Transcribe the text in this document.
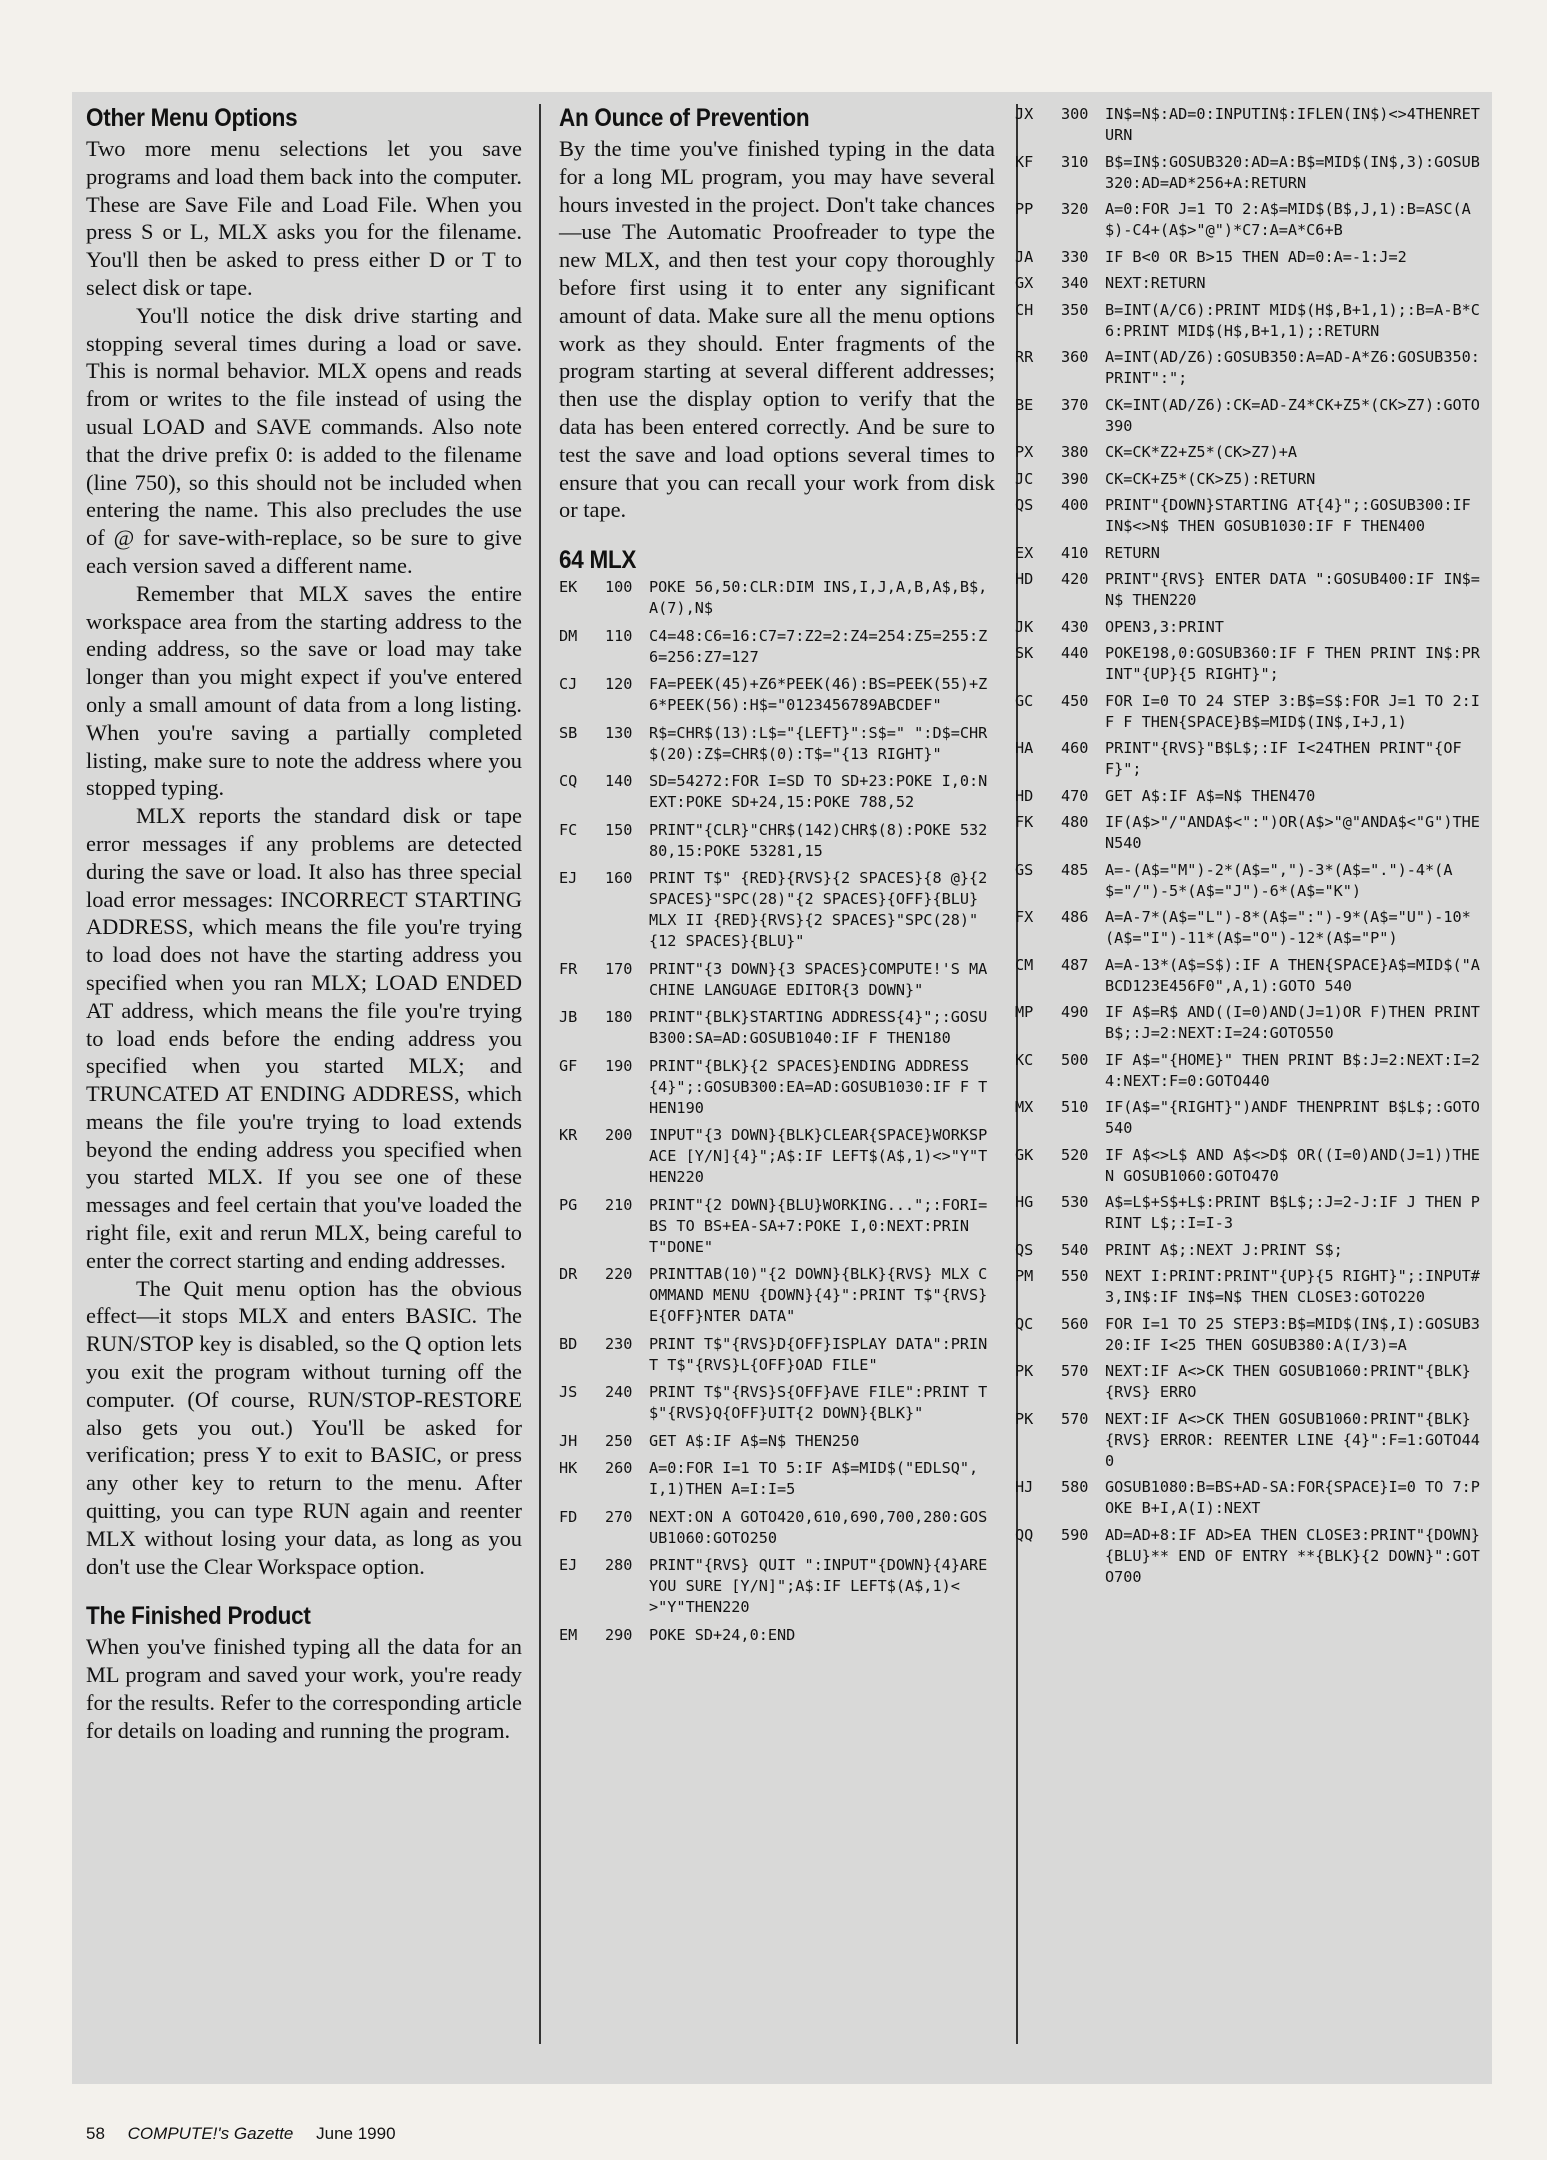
Other Menu Options

Two more menu selections let you save programs and load them back into the computer. These are Save File and Load File. When you press S or L, MLX asks you for the filename. You'll then be asked to press either D or T to select disk or tape.

You'll notice the disk drive starting and stopping several times during a load or save. This is normal behavior. MLX opens and reads from or writes to the file instead of using the usual LOAD and SAVE commands. Also note that the drive prefix 0: is added to the filename (line 750), so this should not be included when entering the name. This also precludes the use of @ for save-with-replace, so be sure to give each version saved a different name.

Remember that MLX saves the entire workspace area from the starting address to the ending address, so the save or load may take longer than you might expect if you've entered only a small amount of data from a long listing. When you're saving a partially completed listing, make sure to note the address where you stopped typing.

MLX reports the standard disk or tape error messages if any problems are detected during the save or load. It also has three special load error messages: INCORRECT STARTING ADDRESS, which means the file you're trying to load does not have the starting address you specified when you ran MLX; LOAD ENDED AT address, which means the file you're trying to load ends before the ending address you specified when you started MLX; and TRUNCATED AT ENDING ADDRESS, which means the file you're trying to load extends beyond the ending address you specified when you started MLX. If you see one of these messages and feel certain that you've loaded the right file, exit and rerun MLX, being careful to enter the correct starting and ending addresses.

The Quit menu option has the obvious effect—it stops MLX and enters BASIC. The RUN/STOP key is disabled, so the Q option lets you exit the program without turning off the computer. (Of course, RUN/STOP-RESTORE also gets you out.) You'll be asked for verification; press Y to exit to BASIC, or press any other key to return to the menu. After quitting, you can type RUN again and reenter MLX without losing your data, as long as you don't use the Clear Workspace option.

The Finished Product

When you've finished typing all the data for an ML program and saved your work, you're ready for the results. Refer to the corresponding article for details on loading and running the program.

An Ounce of Prevention

By the time you've finished typing in the data for a long ML program, you may have several hours invested in the project. Don't take chances—use The Automatic Proofreader to type the new MLX, and then test your copy thoroughly before first using it to enter any significant amount of data. Make sure all the menu options work as they should. Enter fragments of the program starting at several different addresses; then use the display option to verify that the data has been entered correctly. And be sure to test the save and load options several times to ensure that you can recall your work from disk or tape.

64 MLX
EK	100	POKE 56,50:CLR:DIM INS,I,J,A,B,A$,B$,A(7),N$
DM	110	C4=48:C6=16:C7=7:Z2=2:Z4=254:Z5=255:Z6=256:Z7=127
CJ	120	FA=PEEK(45)+Z6*PEEK(46):BS=PEEK(55)+Z6*PEEK(56):H$="0123456789ABCDEF"
SB	130	R$=CHR$(13):L$="{LEFT}":S$=" ":D$=CHR$(20):Z$=CHR$(0):T$="{13 RIGHT}"
CQ	140	SD=54272:FOR I=SD TO SD+23:POKE I,0:NEXT:POKE SD+24,15:POKE 788,52
FC	150	PRINT"{CLR}"CHR$(142)CHR$(8):POKE 53280,15:POKE 53281,15
EJ	160	PRINT T$" {RED}{RVS}{2 SPACES}{8 @}{2 SPACES}"SPC(28)"{2 SPACES}{OFF}{BLU} MLX II {RED}{RVS}{2 SPACES}"SPC(28)"{12 SPACES}{BLU}"
FR	170	PRINT"{3 DOWN}{3 SPACES}COMPUTE!'S MACHINE LANGUAGE EDITOR{3 DOWN}"
JB	180	PRINT"{BLK}STARTING ADDRESS{4}";:GOSUB300:SA=AD:GOSUB1040:IF F THEN180
GF	190	PRINT"{BLK}{2 SPACES}ENDING ADDRESS{4}";:GOSUB300:EA=AD:GOSUB1030:IF F THEN190
KR	200	INPUT"{3 DOWN}{BLK}CLEAR{SPACE}WORKSPACE [Y/N]{4}";A$:IF LEFT$(A$,1)<>"Y"THEN220
PG	210	PRINT"{2 DOWN}{BLU}WORKING...";:FORI=BS TO BS+EA-SA+7:POKE I,0:NEXT:PRINT"DONE"
DR	220	PRINTTAB(10)"{2 DOWN}{BLK}{RVS} MLX COMMAND MENU {DOWN}{4}":PRINT T$"{RVS}E{OFF}NTER DATA"
BD	230	PRINT T$"{RVS}D{OFF}ISPLAY DATA":PRINT T$"{RVS}L{OFF}OAD FILE"
JS	240	PRINT T$"{RVS}S{OFF}AVE FILE":PRINT T$"{RVS}Q{OFF}UIT{2 DOWN}{BLK}"
JH	250	GET A$:IF A$=N$ THEN250
HK	260	A=0:FOR I=1 TO 5:IF A$=MID$("EDLSQ",I,1)THEN A=I:I=5
FD	270	NEXT:ON A GOTO420,610,690,700,280:GOSUB1060:GOTO250
EJ	280	PRINT"{RVS} QUIT ":INPUT"{DOWN}{4}ARE YOU SURE [Y/N]";A$:IF LEFT$(A$,1)<>"Y"THEN220
EM	290	POKE SD+24,0:END
JX	300	IN$=N$:AD=0:INPUTIN$:IFLEN(IN$)<>4THENRETURN
KF	310	B$=IN$:GOSUB320:AD=A:B$=MID$(IN$,3):GOSUB320:AD=AD*256+A:RETURN
PP	320	A=0:FOR J=1 TO 2:A$=MID$(B$,J,1):B=ASC(A$)-C4+(A$>"@")*C7:A=A*C6+B
JA	330	IF B<0 OR B>15 THEN AD=0:A=-1:J=2
GX	340	NEXT:RETURN
CH	350	B=INT(A/C6):PRINT MID$(H$,B+1,1);:B=A-B*C6:PRINT MID$(H$,B+1,1);:RETURN
RR	360	A=INT(AD/Z6):GOSUB350:A=AD-A*Z6:GOSUB350:PRINT":";
BE	370	CK=INT(AD/Z6):CK=AD-Z4*CK+Z5*(CK>Z7):GOTO390
PX	380	CK=CK*Z2+Z5*(CK>Z7)+A
JC	390	CK=CK+Z5*(CK>Z5):RETURN
QS	400	PRINT"{DOWN}STARTING AT{4}";:GOSUB300:IF IN$<>N$ THEN GOSUB1030:IF F THEN400
EX	410	RETURN
HD	420	PRINT"{RVS} ENTER DATA ":GOSUB400:IF IN$=N$ THEN220
JK	430	OPEN3,3:PRINT
SK	440	POKE198,0:GOSUB360:IF F THEN PRINT IN$:PRINT"{UP}{5 RIGHT}";
GC	450	FOR I=0 TO 24 STEP 3:B$=S$:FOR J=1 TO 2:IF F THEN{SPACE}B$=MID$(IN$,I+J,1)
HA	460	PRINT"{RVS}"B$L$;:IF I<24THEN PRINT"{OFF}";
HD	470	GET A$:IF A$=N$ THEN470
FK	480	IF(A$>"/"ANDA$<":")OR(A$>"@"ANDA$<"G")THEN540
GS	485	A=-(A$="M")-2*(A$=",")-3*(A$=".")-4*(A$="/")-5*(A$="J")-6*(A$="K")
FX	486	A=A-7*(A$="L")-8*(A$=":")-9*(A$="U")-10*(A$="I")-11*(A$="O")-12*(A$="P")
CM	487	A=A-13*(A$=S$):IF A THEN{SPACE}A$=MID$("ABCD123E456F0",A,1):GOTO 540
MP	490	IF A$=R$ AND((I=0)AND(J=1)OR F)THEN PRINT B$;:J=2:NEXT:I=24:GOTO550
KC	500	IF A$="{HOME}" THEN PRINT B$:J=2:NEXT:I=24:NEXT:F=0:GOTO440
MX	510	IF(A$="{RIGHT}")ANDF THENPRINT B$L$;:GOTO540
GK	520	IF A$<>L$ AND A$<>D$ OR((I=0)AND(J=1))THEN GOSUB1060:GOTO470
HG	530	A$=L$+S$+L$:PRINT B$L$;:J=2-J:IF J THEN PRINT L$;:I=I-3
QS	540	PRINT A$;:NEXT J:PRINT S$;
PM	550	NEXT I:PRINT:PRINT"{UP}{5 RIGHT}";:INPUT#3,IN$:IF IN$=N$ THEN CLOSE3:GOTO220
QC	560	FOR I=1 TO 25 STEP3:B$=MID$(IN$,I):GOSUB320:IF I<25 THEN GOSUB380:A(I/3)=A
PK	570	NEXT:IF A<>CK THEN GOSUB1060:PRINT"{BLK}{RVS} ERRO
PK	570	NEXT:IF A<>CK THEN GOSUB1060:PRINT"{BLK}{RVS} ERROR: REENTER LINE {4}":F=1:GOTO440
HJ	580	GOSUB1080:B=BS+AD-SA:FOR{SPACE}I=0 TO 7:POKE B+I,A(I):NEXT
QQ	590	AD=AD+8:IF AD>EA THEN CLOSE3:PRINT"{DOWN}{BLU}** END OF ENTRY **{BLK}{2 DOWN}":GOTO700
58 COMPUTE!'s Gazette June 1990
